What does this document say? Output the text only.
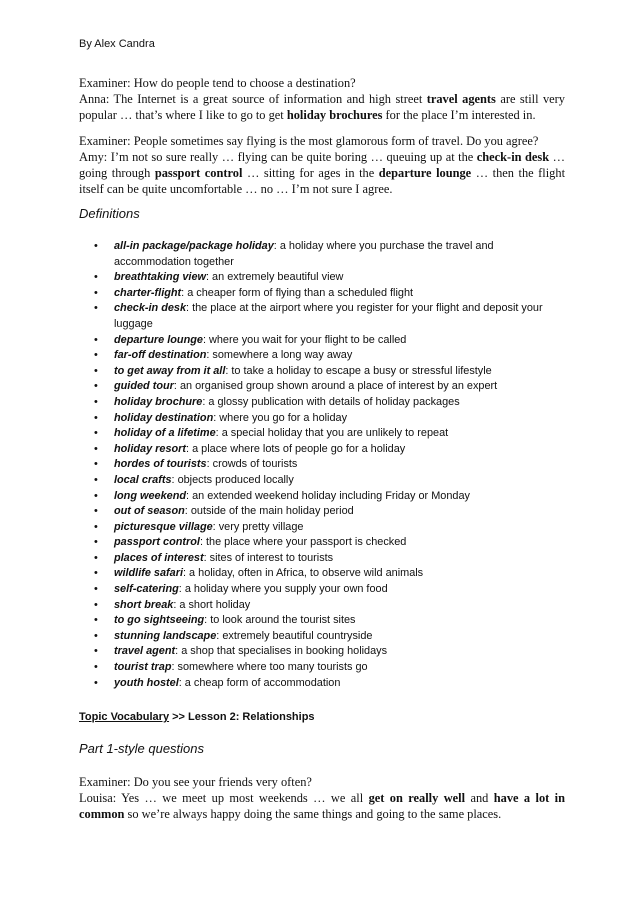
By Alex Candra

Examiner: How do people tend to choose a destination?

Anna: The Internet is a great source of information and high street travel agents are still very popular … that’s where I like to go to get holiday brochures for the place I’m interested in.

Examiner: People sometimes say flying is the most glamorous form of travel. Do you agree?

Amy: I’m not so sure really … flying can be quite boring … queuing up at the check-in desk … going through passport control … sitting for ages in the departure lounge … then the flight itself can be quite uncomfortable … no … I’m not sure I agree.

Definitions
• all-in package/package holiday: a holiday where you purchase the travel and accommodation together
• breathtaking view: an extremely beautiful view
• charter-flight: a cheaper form of flying than a scheduled flight
• check-in desk: the place at the airport where you register for your flight and deposit your luggage
• departure lounge: where you wait for your flight to be called
• far-off destination: somewhere a long way away
• to get away from it all: to take a holiday to escape a busy or stressful lifestyle
• guided tour: an organised group shown around a place of interest by an expert
• holiday brochure: a glossy publication with details of holiday packages
• holiday destination: where you go for a holiday
• holiday of a lifetime: a special holiday that you are unlikely to repeat
• holiday resort: a place where lots of people go for a holiday
• hordes of tourists: crowds of tourists
• local crafts: objects produced locally
• long weekend: an extended weekend holiday including Friday or Monday
• out of season: outside of the main holiday period
• picturesque village: very pretty village
• passport control: the place where your passport is checked
• places of interest: sites of interest to tourists
• wildlife safari: a holiday, often in Africa, to observe wild animals
• self-catering: a holiday where you supply your own food
• short break: a short holiday
• to go sightseeing: to look around the tourist sites
• stunning landscape: extremely beautiful countryside
• travel agent: a shop that specialises in booking holidays
• tourist trap: somewhere where too many tourists go
• youth hostel: a cheap form of accommodation
Topic Vocabulary >> Lesson 2: Relationships
Part 1-style questions

Examiner: Do you see your friends very often?

Louisa: Yes … we meet up most weekends … we all get on really well and have a lot in common so we’re always happy doing the same things and going to the same places.
